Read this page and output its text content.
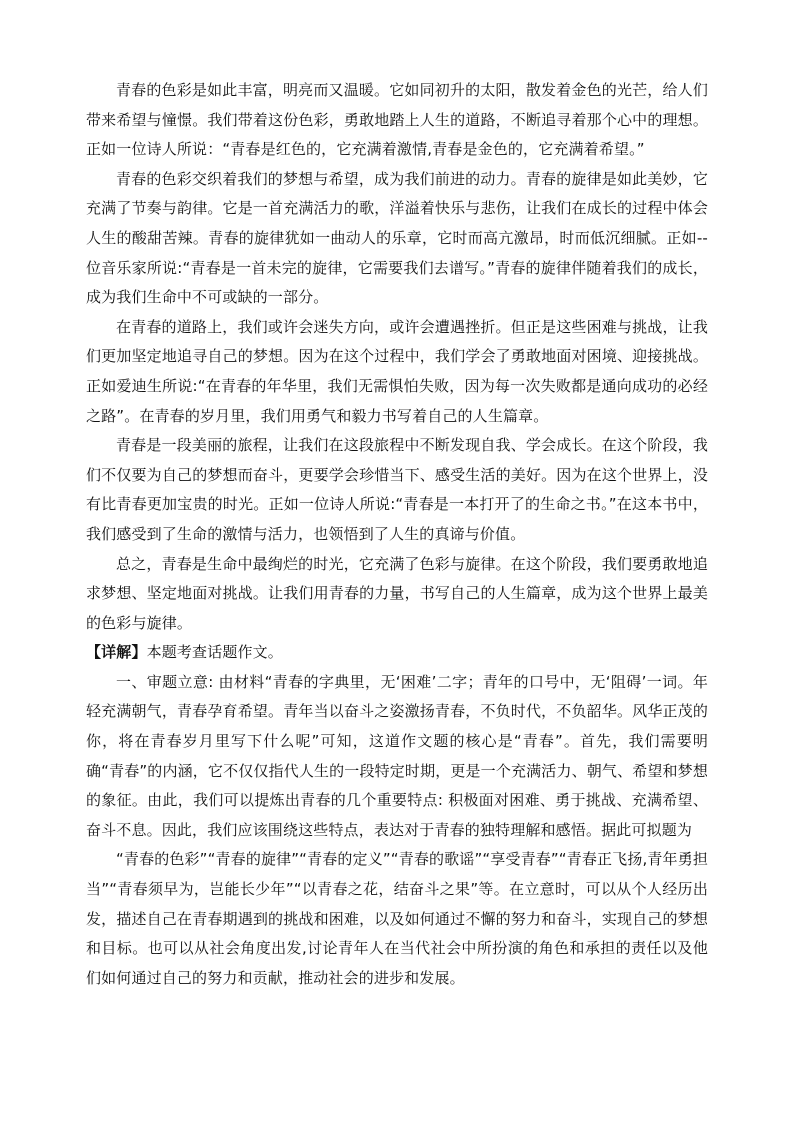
青春的色彩是如此丰富，明亮而又温暖。它如同初升的太阳，散发着金色的光芒，给人们带来希望与憧憬。我们带着这份色彩，勇敢地踏上人生的道路，不断追寻着那个心中的理想。正如一位诗人所说：“青春是红色的，它充满着激情,青春是金色的，它充满着希望。”

青春的色彩交织着我们的梦想与希望，成为我们前进的动力。青春的旋律是如此美妙，它充满了节奏与韵律。它是一首充满活力的歌，洋溢着快乐与悲伤，让我们在成长的过程中体会人生的酸甜苦辣。青春的旋律犹如一曲动人的乐章，它时而高亢激昂，时而低沉细腻。正如--位音乐家所说:“青春是一首未完的旋律，它需要我们去谱写。”青春的旋律伴随着我们的成长，成为我们生命中不可或缺的一部分。

在青春的道路上，我们或许会迷失方向，或许会遭遇挫折。但正是这些困难与挑战，让我们更加坚定地追寻自己的梦想。因为在这个过程中，我们学会了勇敢地面对困境、迎接挑战。正如爱迪生所说:“在青春的年华里，我们无需惧怕失败，因为每一次失败都是通向成功的必经之路”。在青春的岁月里，我们用勇气和毅力书写着自己的人生篇章。

青春是一段美丽的旅程，让我们在这段旅程中不断发现自我、学会成长。在这个阶段，我们不仅要为自己的梦想而奋斗，更要学会珍惜当下、感受生活的美好。因为在这个世界上，没有比青春更加宝贵的时光。正如一位诗人所说:“青春是一本打开了的生命之书。”在这本书中，我们感受到了生命的激情与活力，也领悟到了人生的真谛与价值。

总之，青春是生命中最绚烂的时光，它充满了色彩与旋律。在这个阶段，我们要勇敢地追求梦想、坚定地面对挑战。让我们用青春的力量，书写自己的人生篇章，成为这个世界上最美的色彩与旋律。

【详解】本题考查话题作文。

一、审题立意: 由材料“青春的字典里，无‘困难’二字；青年的口号中，无‘阻碍’一词。年轻充满朝气，青春孕育希望。青年当以奋斗之姿激扬青春，不负时代，不负韶华。风华正茂的你，将在青春岁月里写下什么呢”可知，这道作文题的核心是“青春”。首先，我们需要明确“青春”的内涵，它不仅仅指代人生的一段特定时期，更是一个充满活力、朝气、希望和梦想的象征。由此，我们可以提炼出青春的几个重要特点: 积极面对困难、勇于挑战、充满希望、奋斗不息。因此，我们应该围绕这些特点，表达对于青春的独特理解和感悟。据此可拟题为

“青春的色彩”“青春的旋律”“青春的定义”“青春的歌谣”“享受青春”“青春正飞扬,青年勇担当”“青春须早为，岂能长少年”“以青春之花，结奋斗之果”等。在立意时，可以从个人经历出发，描述自己在青春期遇到的挑战和困难，以及如何通过不懈的努力和奋斗，实现自己的梦想和目标。也可以从社会角度出发,讨论青年人在当代社会中所扮演的角色和承担的责任以及他们如何通过自己的努力和贡献，推动社会的进步和发展。
